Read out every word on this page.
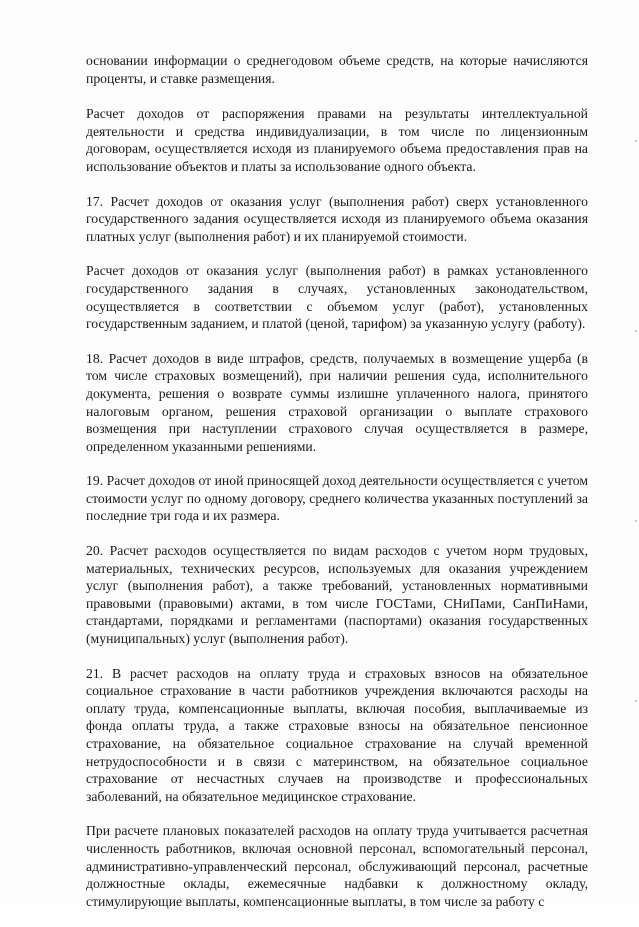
основании информации о среднегодовом объеме средств, на которые начисляются проценты, и ставке размещения.

Расчет доходов от распоряжения правами на результаты интеллектуальной деятельности и средства индивидуализации, в том числе по лицензионным договорам, осуществляется исходя из планируемого объема предоставления прав на использование объектов и платы за использование одного объекта.

17. Расчет доходов от оказания услуг (выполнения работ) сверх установленного государственного задания осуществляется исходя из планируемого объема оказания платных услуг (выполнения работ) и их планируемой стоимости.

Расчет доходов от оказания услуг (выполнения работ) в рамках установленного государственного задания в случаях, установленных законодательством, осуществляется в соответствии с объемом услуг (работ), установленных государственным заданием, и платой (ценой, тарифом) за указанную услугу (работу).

18. Расчет доходов в виде штрафов, средств, получаемых в возмещение ущерба (в том числе страховых возмещений), при наличии решения суда, исполнительного документа, решения о возврате суммы излишне уплаченного налога, принятого налоговым органом, решения страховой организации о выплате страхового возмещения при наступлении страхового случая осуществляется в размере, определенном указанными решениями.

19. Расчет доходов от иной приносящей доход деятельности осуществляется с учетом стоимости услуг по одному договору, среднего количества указанных поступлений за последние три года и их размера.

20. Расчет расходов осуществляется по видам расходов с учетом норм трудовых, материальных, технических ресурсов, используемых для оказания учреждением услуг (выполнения работ), а также требований, установленных нормативными правовыми (правовыми) актами, в том числе ГОСТами, СНиПами, СанПиНами, стандартами, порядками и регламентами (паспортами) оказания государственных (муниципальных) услуг (выполнения работ).

21. В расчет расходов на оплату труда и страховых взносов на обязательное социальное страхование в части работников учреждения включаются расходы на оплату труда, компенсационные выплаты, включая пособия, выплачиваемые из фонда оплаты труда, а также страховые взносы на обязательное пенсионное страхование, на обязательное социальное страхование на случай временной нетрудоспособности и в связи с материнством, на обязательное социальное страхование от несчастных случаев на производстве и профессиональных заболеваний, на обязательное медицинское страхование.

При расчете плановых показателей расходов на оплату труда учитывается расчетная численность работников, включая основной персонал, вспомогательный персонал, административно-управленческий персонал, обслуживающий персонал, расчетные должностные оклады, ежемесячные надбавки к должностному окладу, стимулирующие выплаты, компенсационные выплаты, в том числе за работу с
